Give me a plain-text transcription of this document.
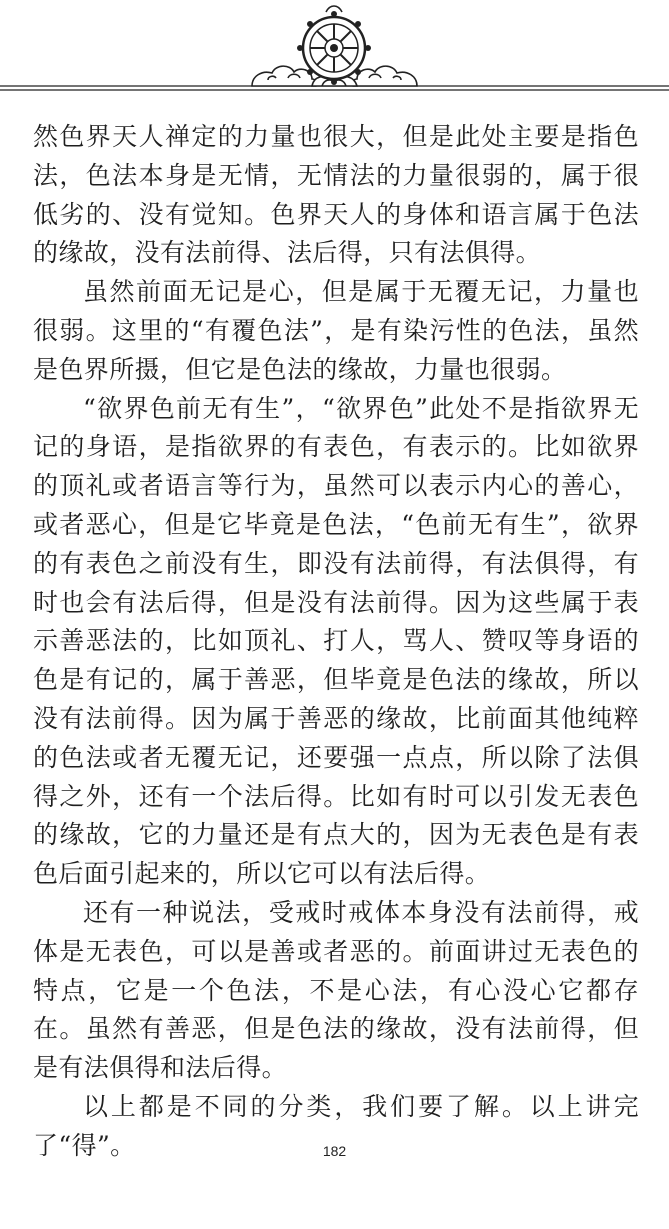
然色界天人禅定的力量也很大，但是此处主要是指色法，色法本身是无情，无情法的力量很弱的，属于很低劣的、没有觉知。色界天人的身体和语言属于色法的缘故，没有法前得、法后得，只有法俱得。

虽然前面无记是心，但是属于无覆无记，力量也很弱。这里的“有覆色法”，是有染污性的色法，虽然是色界所摄，但它是色法的缘故，力量也很弱。

“欲界色前无有生”，“欲界色”此处不是指欲界无记的身语，是指欲界的有表色，有表示的。比如欲界的顶礼或者语言等行为，虽然可以表示内心的善心，或者恶心，但是它毕竟是色法，“色前无有生”，欲界的有表色之前没有生，即没有法前得，有法俱得，有时也会有法后得，但是没有法前得。因为这些属于表示善恶法的，比如顶礼、打人，骂人、赞叹等身语的色是有记的，属于善恶，但毕竟是色法的缘故，所以没有法前得。因为属于善恶的缘故，比前面其他纯粹的色法或者无覆无记，还要强一点点，所以除了法俱得之外，还有一个法后得。比如有时可以引发无表色的缘故，它的力量还是有点大的，因为无表色是有表色后面引起来的，所以它可以有法后得。

还有一种说法，受戒时戒体本身没有法前得，戒体是无表色，可以是善或者恶的。前面讲过无表色的特点，它是一个色法，不是心法，有心没心它都存在。虽然有善恶，但是色法的缘故，没有法前得，但是有法俱得和法后得。

以上都是不同的分类，我们要了解。以上讲完了“得”。	182
